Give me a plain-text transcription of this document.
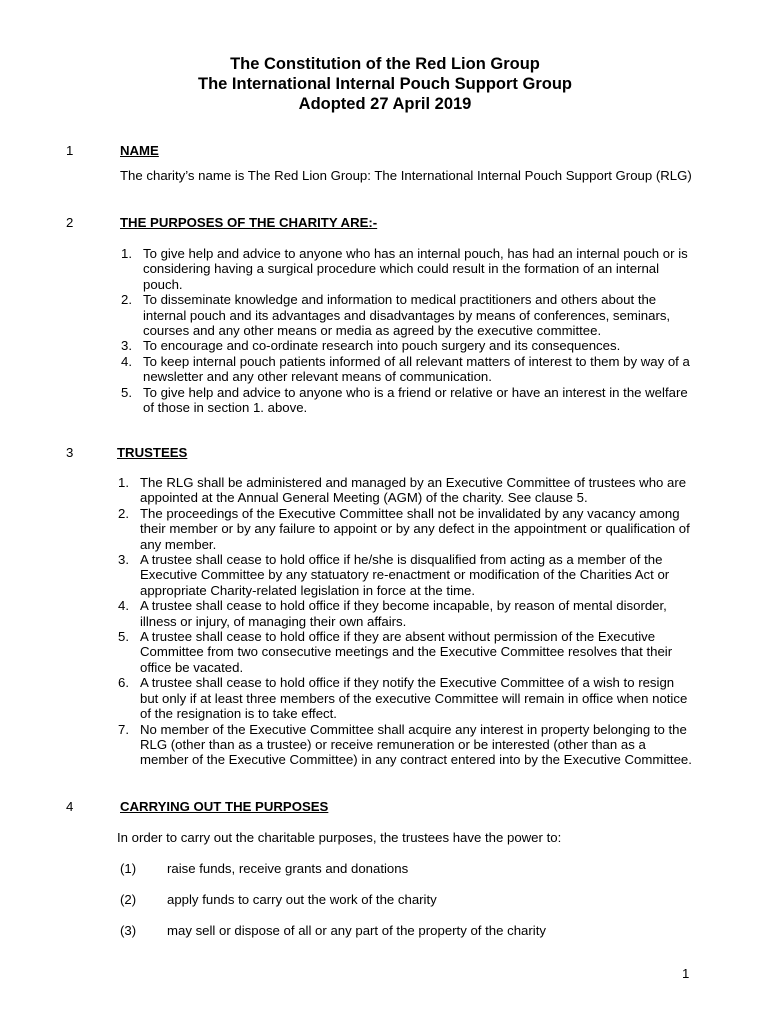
The Constitution of the Red Lion Group
The International Internal Pouch Support Group
Adopted 27 April 2019
1	NAME
The charity’s name is The Red Lion Group: The International Internal Pouch Support Group (RLG)
2	THE PURPOSES OF THE CHARITY ARE:-
1. To give help and advice to anyone who has an internal pouch, has had an internal pouch or is considering having a surgical procedure which could result in the formation of an internal pouch.
2. To disseminate knowledge and information to medical practitioners and others about the internal pouch and its advantages and disadvantages by means of conferences, seminars, courses and any other means or media as agreed by the executive committee.
3. To encourage and co-ordinate research into pouch surgery and its consequences.
4. To keep internal pouch patients informed of all relevant matters of interest to them by way of a newsletter and any other relevant means of communication.
5. To give help and advice to anyone who is a friend or relative or have an interest in the welfare of those in section 1. above.
3	TRUSTEES
1. The RLG shall be administered and managed by an Executive Committee of trustees who are appointed at the Annual General Meeting (AGM) of the charity. See clause 5.
2. The proceedings of the Executive Committee shall not be invalidated by any vacancy among their member or by any failure to appoint or by any defect in the appointment or qualification of any member.
3. A trustee shall cease to hold office if he/she is disqualified from acting as a member of the Executive Committee by any statuatory re-enactment or modification of the Charities Act or appropriate Charity-related legislation in force at the time.
4. A trustee shall cease to hold office if they become incapable, by reason of mental disorder, illness or injury, of managing their own affairs.
5. A trustee shall cease to hold office if they are absent without permission of the Executive Committee from two consecutive meetings and the Executive Committee resolves that their office be vacated.
6. A trustee shall cease to hold office if they notify the Executive Committee of a wish to resign but only if at least three members of the executive Committee will remain in office when notice of the resignation is to take effect.
7. No member of the Executive Committee shall acquire any interest in property belonging to the RLG (other than as a trustee) or receive remuneration or be interested (other than as a member of the Executive Committee) in any contract entered into by the Executive Committee.
4	CARRYING OUT THE PURPOSES
In order to carry out the charitable purposes, the trustees have the power to:
(1) raise funds, receive grants and donations
(2) apply funds to carry out the work of the charity
(3) may sell or dispose of all or any part of the property of the charity
1
